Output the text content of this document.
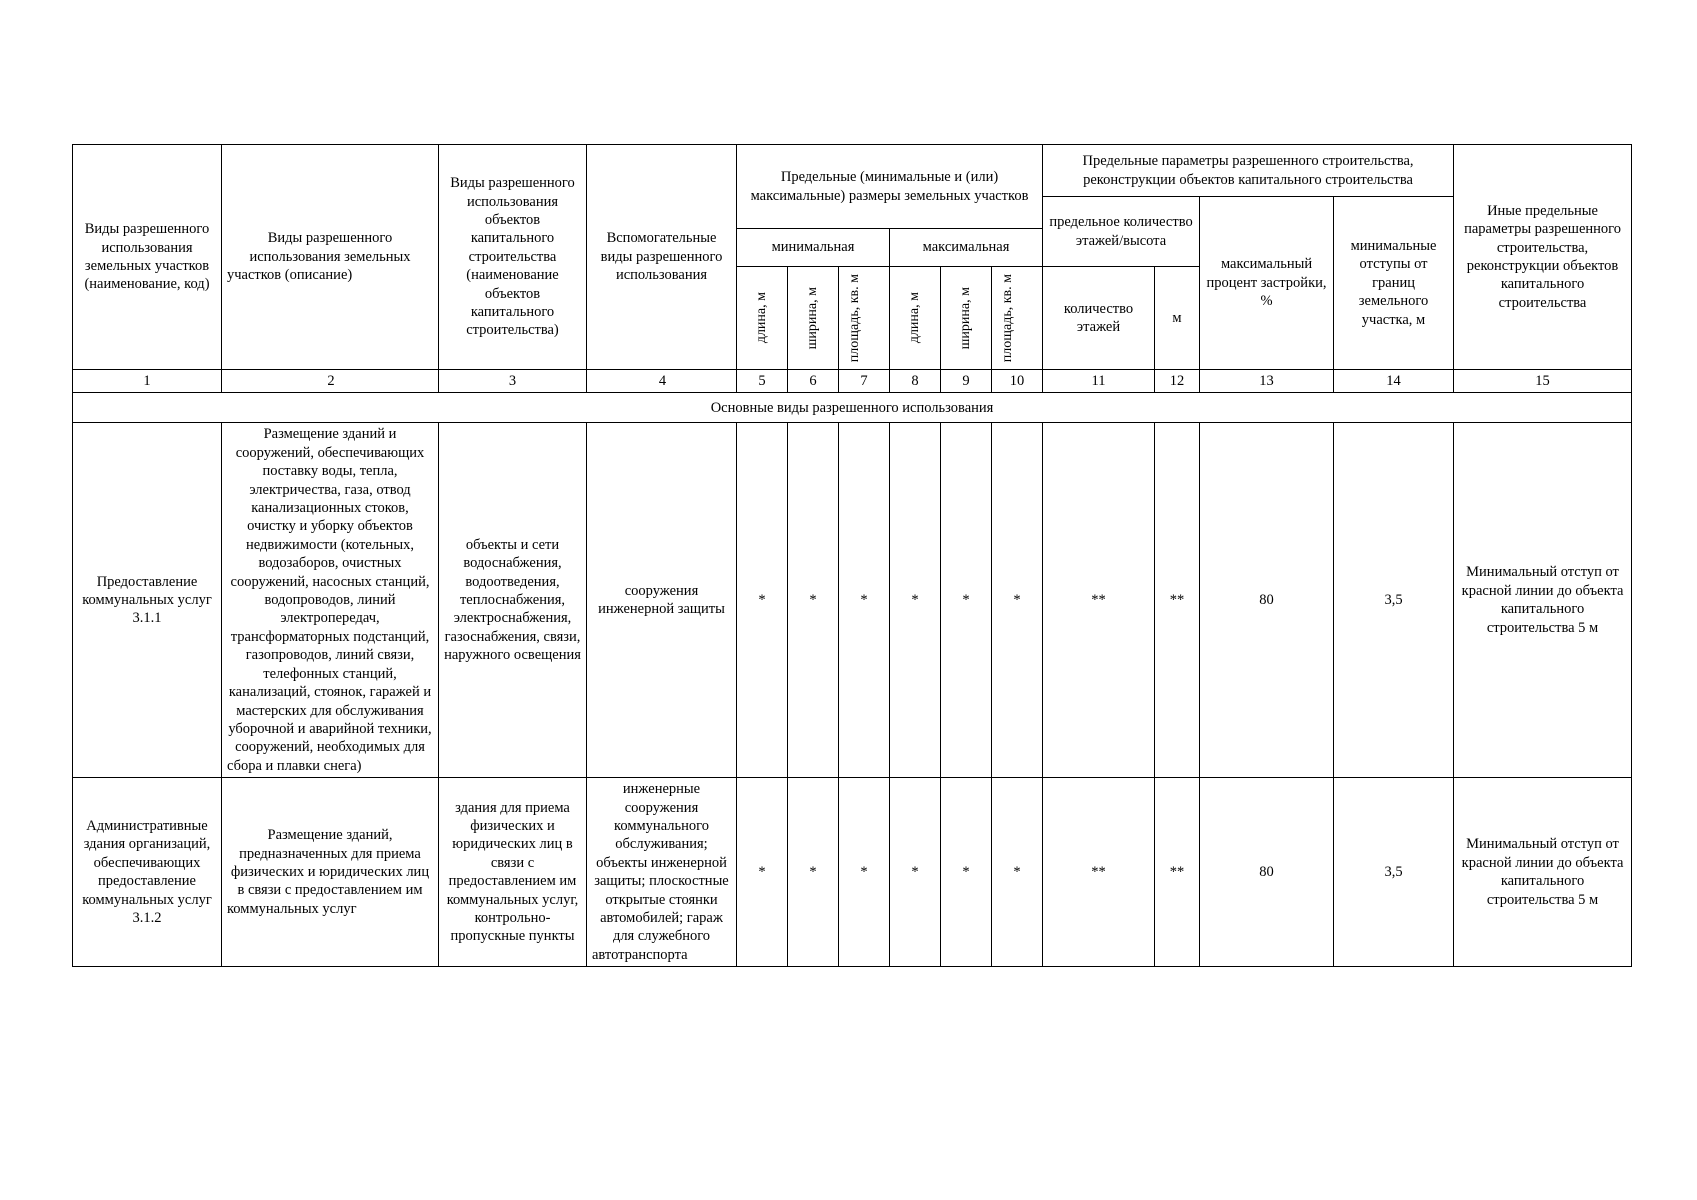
Виды разрешенного использования земельных участков (наименование, код)	Виды разрешенного использования земельных участков (описание)	Виды разрешенного использования объектов капитального строительства (наименование объектов капитального строительства)	Вспомогательные виды разрешенного использования	Предельные (минимальные и (или) максимальные) размеры земельных участков						Предельные параметры разрешенного строительства, реконструкции объектов капитального строительства				Иные предельные параметры разрешенного строительства, реконструкции объектов капитального строительства
										предельное количество этажей/высота		максимальный процент застройки, %	минимальные отступы от границ земельного участка, м	
				минимальная			максимальная							

				длина, м	ширина, м	площадь, кв. м	длина, м	ширина, м	площадь, кв. м	количество этажей	м			
1	2	3	4	5	6	7	8	9	10	11	12	13	14	15
Основные виды разрешенного использования														
Предоставление коммунальных услуг 3.1.1	Размещение зданий и сооружений, обеспечивающих поставку воды, тепла, электричества, газа, отвод канализационных стоков, очистку и уборку объектов недвижимости (котельных, водозаборов, очистных сооружений, насосных станций, водопроводов, линий электропередач, трансформаторных подстанций, газопроводов, линий связи, телефонных станций, канализаций, стоянок, гаражей и мастерских для обслуживания уборочной и аварийной техники, сооружений, необходимых для сбора и плавки снега)	объекты и сети водоснабжения, водоотведения, теплоснабжения, электроснабжения, газоснабжения, связи, наружного освещения	сооружения инженерной защиты	*	*	*	*	*	*	**	**	80	3,5	Минимальный отступ от красной линии до объекта капитального строительства 5 м
Административные здания организаций, обеспечивающих предоставление коммунальных услуг 3.1.2	Размещение зданий, предназначенных для приема физических и юридических лиц в связи с предоставлением им коммунальных услуг	здания для приема физических и юридических лиц в связи с предоставлением им коммунальных услуг, контрольно-пропускные пункты	инженерные сооружения коммунального обслуживания; объекты инженерной защиты; плоскостные открытые стоянки автомобилей; гараж для служебного автотранспорта	*	*	*	*	*	*	**	**	80	3,5	Минимальный отступ от красной линии до объекта капитального строительства 5 м
